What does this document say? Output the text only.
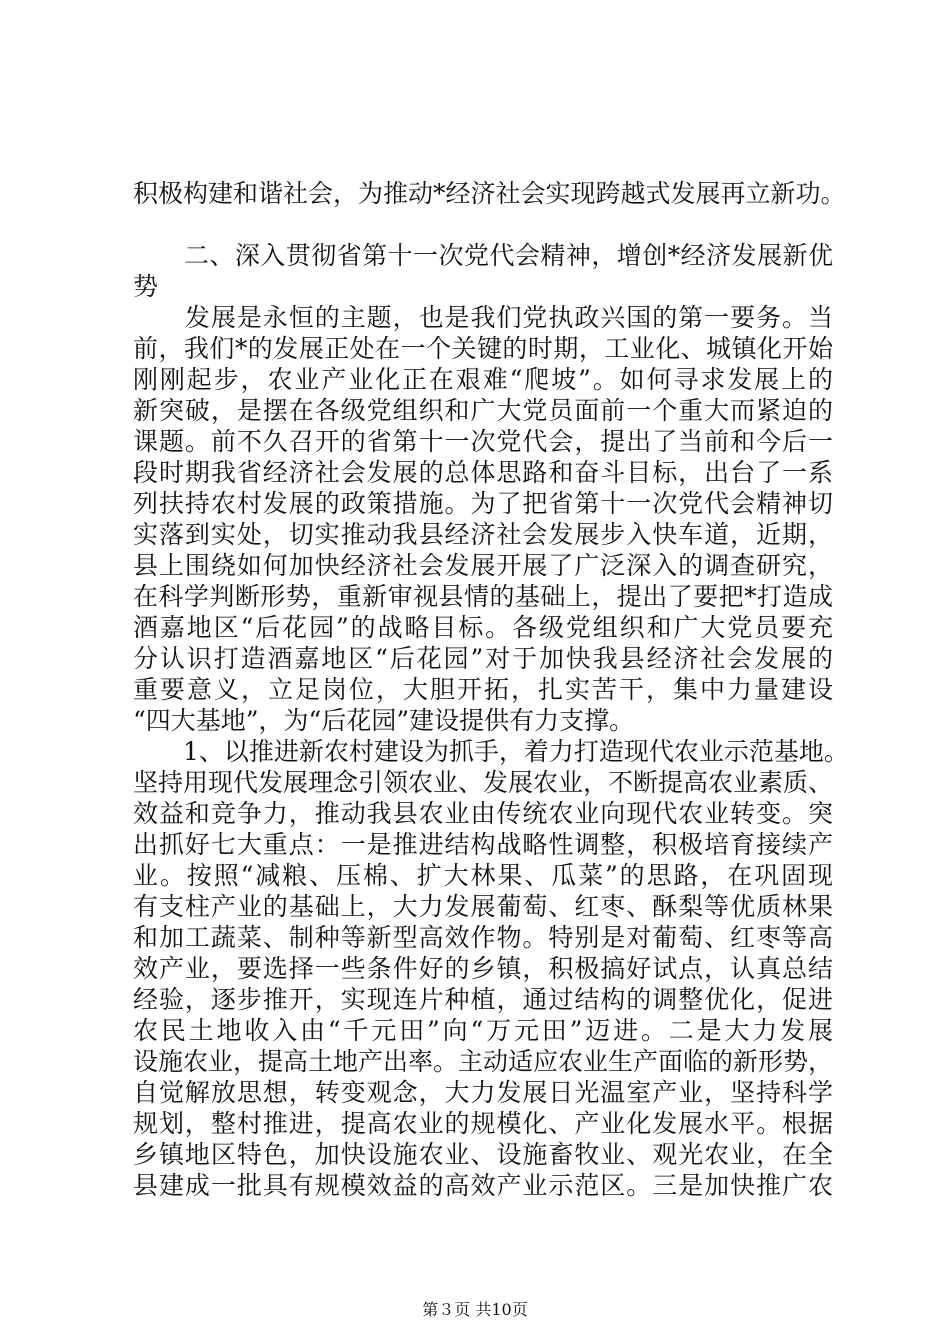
积极构建和谐社会，为推动*经济社会实现跨越式发展再立新功。
　　二、深入贯彻省第十一次党代会精神，增创*经济发展新优
势
　　发展是永恒的主题，也是我们党执政兴国的第一要务。当
前，我们*的发展正处在一个关键的时期，工业化、城镇化开始
刚刚起步，农业产业化正在艰难“爬坡”。如何寻求发展上的
新突破，是摆在各级党组织和广大党员面前一个重大而紧迫的
课题。前不久召开的省第十一次党代会，提出了当前和今后一
段时期我省经济社会发展的总体思路和奋斗目标，出台了一系
列扶持农村发展的政策措施。为了把省第十一次党代会精神切
实落到实处，切实推动我县经济社会发展步入快车道，近期，
县上围绕如何加快经济社会发展开展了广泛深入的调查研究，
在科学判断形势，重新审视县情的基础上，提出了要把*打造成
酒嘉地区“后花园”的战略目标。各级党组织和广大党员要充
分认识打造酒嘉地区“后花园”对于加快我县经济社会发展的
重要意义，立足岗位，大胆开拓，扎实苦干，集中力量建设
“四大基地”，为“后花园”建设提供有力支撑。
　　1、以推进新农村建设为抓手，着力打造现代农业示范基地。
坚持用现代发展理念引领农业、发展农业，不断提高农业素质、
效益和竞争力，推动我县农业由传统农业向现代农业转变。突
出抓好七大重点：一是推进结构战略性调整，积极培育接续产
业。按照“减粮、压棉、扩大林果、瓜菜”的思路，在巩固现
有支柱产业的基础上，大力发展葡萄、红枣、酥梨等优质林果
和加工蔬菜、制种等新型高效作物。特别是对葡萄、红枣等高
效产业，要选择一些条件好的乡镇，积极搞好试点，认真总结
经验，逐步推开，实现连片种植，通过结构的调整优化，促进
农民土地收入由“千元田”向“万元田”迈进。二是大力发展
设施农业，提高土地产出率。主动适应农业生产面临的新形势，
自觉解放思想，转变观念，大力发展日光温室产业，坚持科学
规划，整村推进，提高农业的规模化、产业化发展水平。根据
乡镇地区特色，加快设施农业、设施畜牧业、观光农业，在全
县建成一批具有规模效益的高效产业示范区。三是加快推广农
第３页 共10页
